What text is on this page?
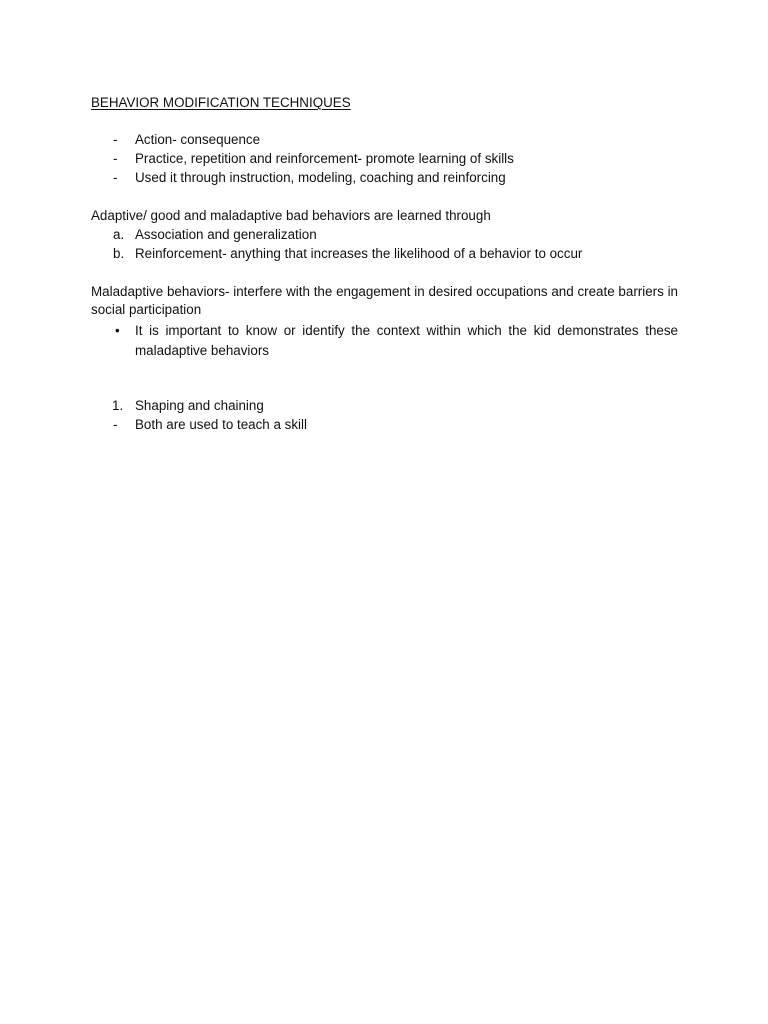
BEHAVIOR MODIFICATION TECHNIQUES
-	Action- consequence
-	Practice, repetition and reinforcement- promote learning of skills
-	Used it through instruction, modeling, coaching and reinforcing
Adaptive/ good and maladaptive bad behaviors are learned through
a. Association and generalization
b. Reinforcement- anything that increases the likelihood of a behavior to occur
Maladaptive behaviors- interfere with the engagement in desired occupations and create barriers in social participation
•	It is important to know or identify the context within which the kid demonstrates these maladaptive behaviors
1. Shaping and chaining
-	Both are used to teach a skill
